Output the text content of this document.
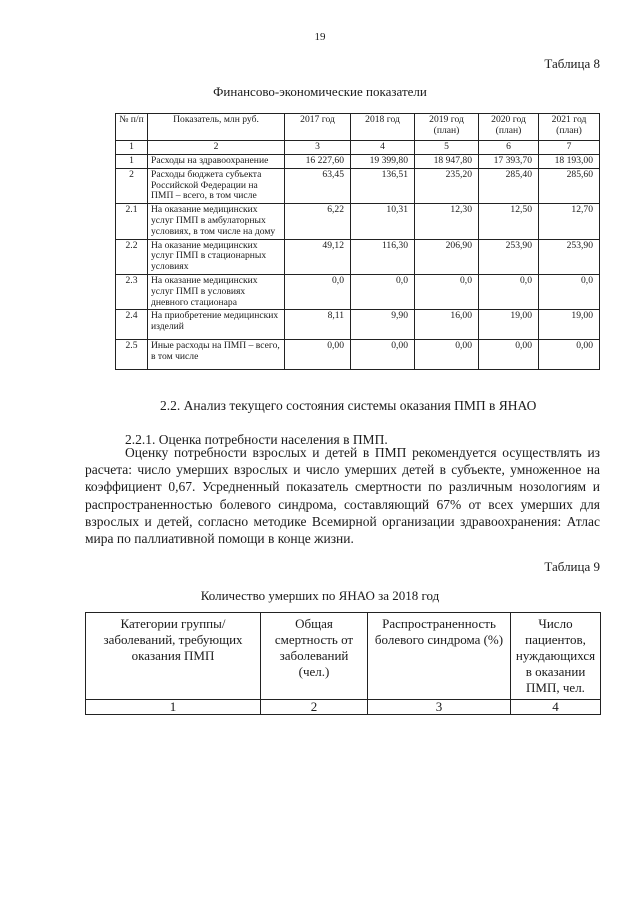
19
Таблица 8
Финансово-экономические показатели
№ п/п	Показатель, млн руб.	2017 год	2018 год	2019 год (план)	2020 год (план)	2021 год (план)
1	2	3	4	5	6	7
1	Расходы на здравоохранение	16 227,60	19 399,80	18 947,80	17 393,70	18 193,00
2	Расходы бюджета субъекта Российской Федерации на ПМП – всего, в том числе	63,45	136,51	235,20	285,40	285,60
2.1	На оказание медицинских услуг ПМП в амбулаторных условиях, в том числе на дому	6,22	10,31	12,30	12,50	12,70
2.2	На оказание медицинских услуг ПМП в стационарных условиях	49,12	116,30	206,90	253,90	253,90
2.3	На оказание медицинских услуг ПМП в условиях дневного стационара	0,0	0,0	0,0	0,0	0,0
2.4	На приобретение медицинских изделий	8,11	9,90	16,00	19,00	19,00
2.5	Иные расходы на ПМП – всего, в том числе	0,00	0,00	0,00	0,00	0,00
2.2. Анализ текущего состояния системы оказания ПМП в ЯНАО
2.2.1. Оценка потребности населения в ПМП.
Оценку потребности взрослых и детей в ПМП рекомендуется осуществлять из расчета: число умерших взрослых и число умерших детей в субъекте, умноженное на коэффициент 0,67. Усредненный показатель смертности по различным нозологиям и распространенностью болевого синдрома, составляющий 67% от всех умерших для взрослых и детей, согласно методике Всемирной организации здравоохранения: Атлас мира по паллиативной помощи в конце жизни.
Таблица 9
Количество умерших по ЯНАО за 2018 год
Категории группы/заболеваний, требующих оказания ПМП	Общая смертность от заболеваний (чел.)	Распространенность болевого синдрома (%)	Число пациентов, нуждающихся в оказании ПМП, чел.
1	2	3	4
